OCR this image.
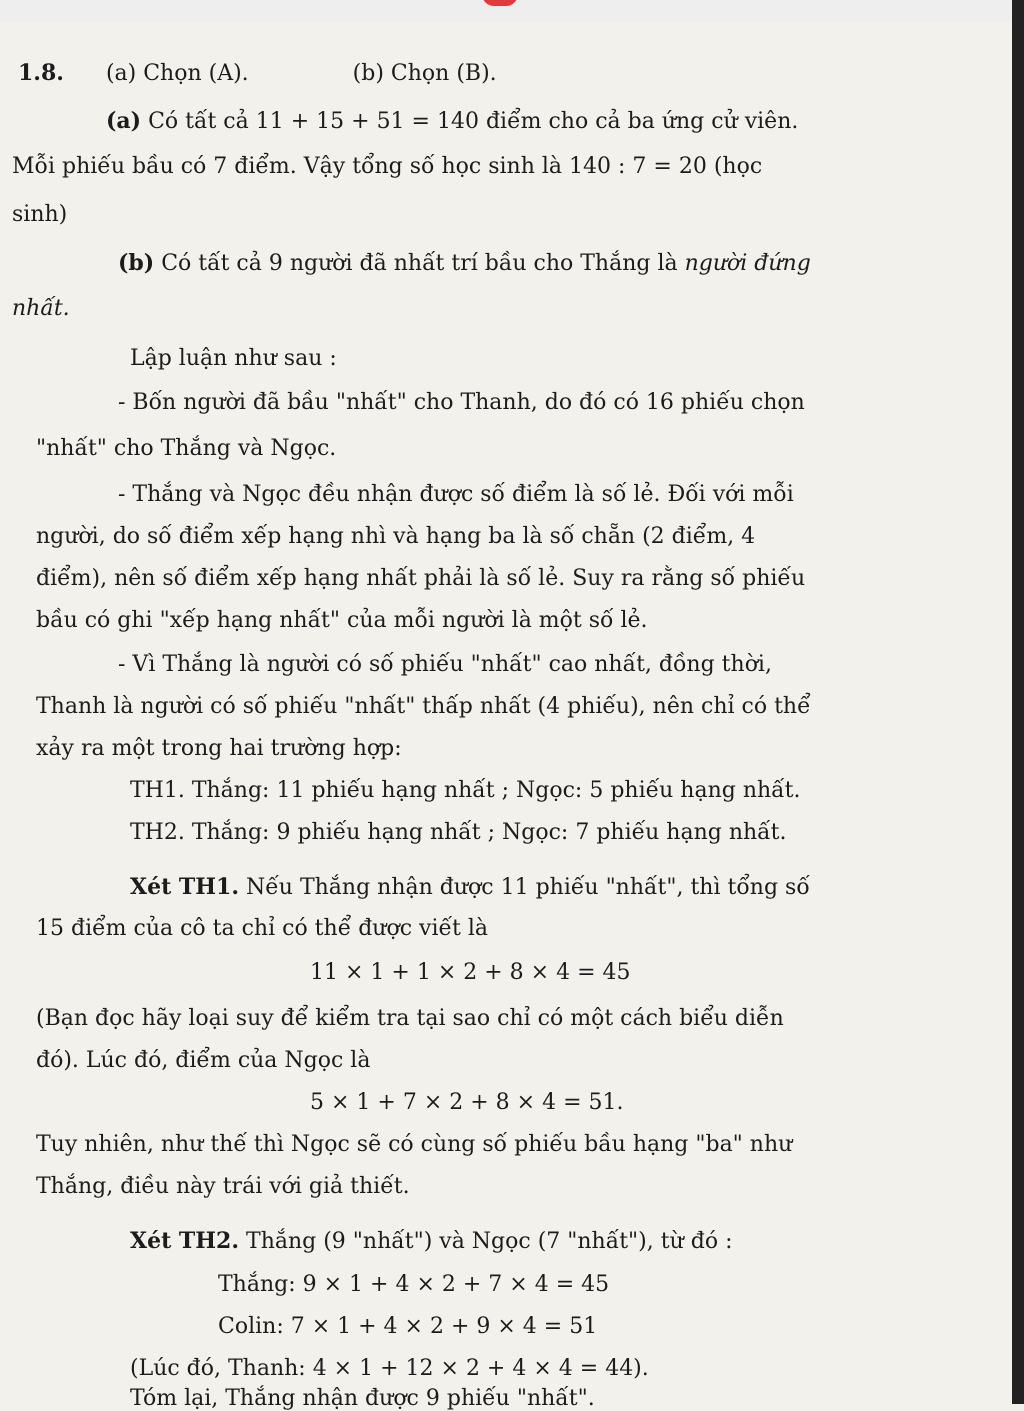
1.8. (a) Chọn (A).	(b) Chọn (B).
(a) Có tất cả 11 + 15 + 51 = 140 điểm cho cả ba ứng cử viên.
Mỗi phiếu bầu có 7 điểm. Vậy tổng số học sinh là 140 : 7 = 20 (học
sinh)
(b) Có tất cả 9 người đã nhất trí bầu cho Thắng là người đứng
nhất.
Lập luận như sau :
- Bốn người đã bầu "nhất" cho Thanh, do đó có 16 phiếu chọn
"nhất" cho Thắng và Ngọc.
- Thắng và Ngọc đều nhận được số điểm là số lẻ. Đối với mỗi
người, do số điểm xếp hạng nhì và hạng ba là số chẵn (2 điểm, 4
điểm), nên số điểm xếp hạng nhất phải là số lẻ. Suy ra rằng số phiếu
bầu có ghi "xếp hạng nhất" của mỗi người là một số lẻ.
- Vì Thắng là người có số phiếu "nhất" cao nhất, đồng thời,
Thanh là người có số phiếu "nhất" thấp nhất (4 phiếu), nên chỉ có thể
xảy ra một trong hai trường hợp:
TH1. Thắng: 11 phiếu hạng nhất ; Ngọc: 5 phiếu hạng nhất.
TH2. Thắng: 9 phiếu hạng nhất ; Ngọc: 7 phiếu hạng nhất.
Xét TH1. Nếu Thắng nhận được 11 phiếu "nhất", thì tổng số
15 điểm của cô ta chỉ có thể được viết là
11 × 1 + 1 × 2 + 8 × 4 = 45
(Bạn đọc hãy loại suy để kiểm tra tại sao chỉ có một cách biểu diễn
đó). Lúc đó, điểm của Ngọc là
5 × 1 + 7 × 2 + 8 × 4 = 51.
Tuy nhiên, như thế thì Ngọc sẽ có cùng số phiếu bầu hạng "ba" như
Thắng, điều này trái với giả thiết.
Xét TH2. Thắng (9 "nhất") và Ngọc (7 "nhất"), từ đó :
Thắng: 9 × 1 + 4 × 2 + 7 × 4 = 45
Colin: 7 × 1 + 4 × 2 + 9 × 4 = 51
(Lúc đó, Thanh: 4 × 1 + 12 × 2 + 4 × 4 = 44).
Tóm lại, Thắng nhận được 9 phiếu "nhất".
